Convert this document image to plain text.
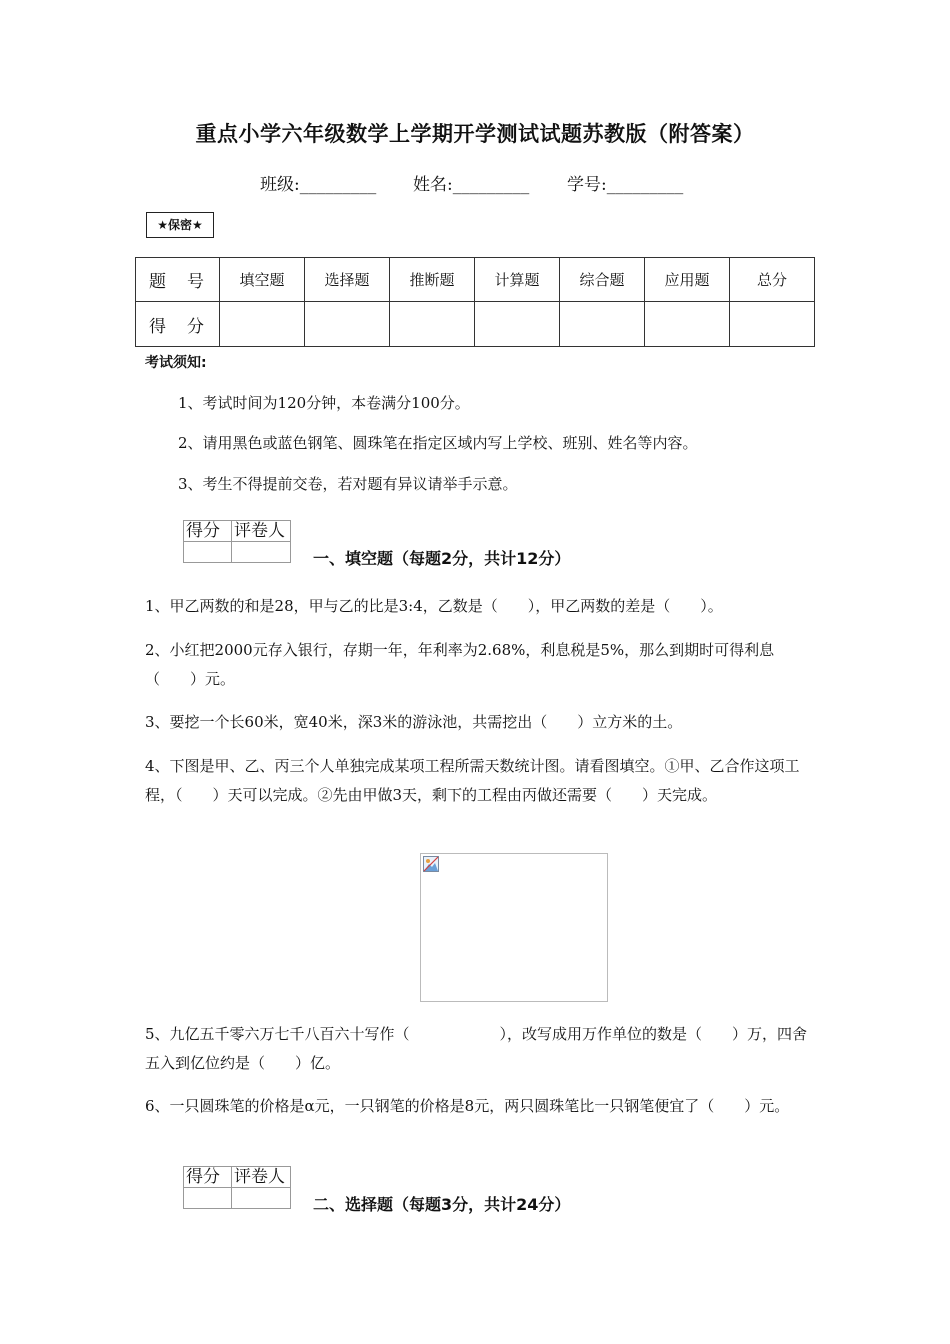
重点小学六年级数学上学期开学测试试题苏教版（附答案）
班级:_________ 姓名:_________ 学号:_________
★保密★
题　号	填空题	选择题	推断题	计算题	综合题	应用题	总分
得　分							
考试须知:
1、考试时间为120分钟，本卷满分100分。
2、请用黑色或蓝色钢笔、圆珠笔在指定区域内写上学校、班别、姓名等内容。
3、考生不得提前交卷，若对题有异议请举手示意。
得分	评卷人

一、填空题（每题2分，共计12分）
1、甲乙两数的和是28，甲与乙的比是3:4，乙数是（　　），甲乙两数的差是（　　）。
2、小红把2000元存入银行，存期一年，年利率为2.68%，利息税是5%，那么到期时可得利息（　　）元。
3、要挖一个长60米，宽40米，深3米的游泳池，共需挖出（　　）立方米的土。
4、下图是甲、乙、丙三个人单独完成某项工程所需天数统计图。请看图填空。①甲、乙合作这项工程，（　　）天可以完成。②先由甲做3天，剩下的工程由丙做还需要（　　）天完成。
5、九亿五千零六万七千八百六十写作（　　　　　　），改写成用万作单位的数是（　　）万，四舍五入到亿位约是（　　）亿。
6、一只圆珠笔的价格是α元，一只钢笔的价格是8元，两只圆珠笔比一只钢笔便宜了（　　）元。
得分	评卷人

二、选择题（每题3分，共计24分）
